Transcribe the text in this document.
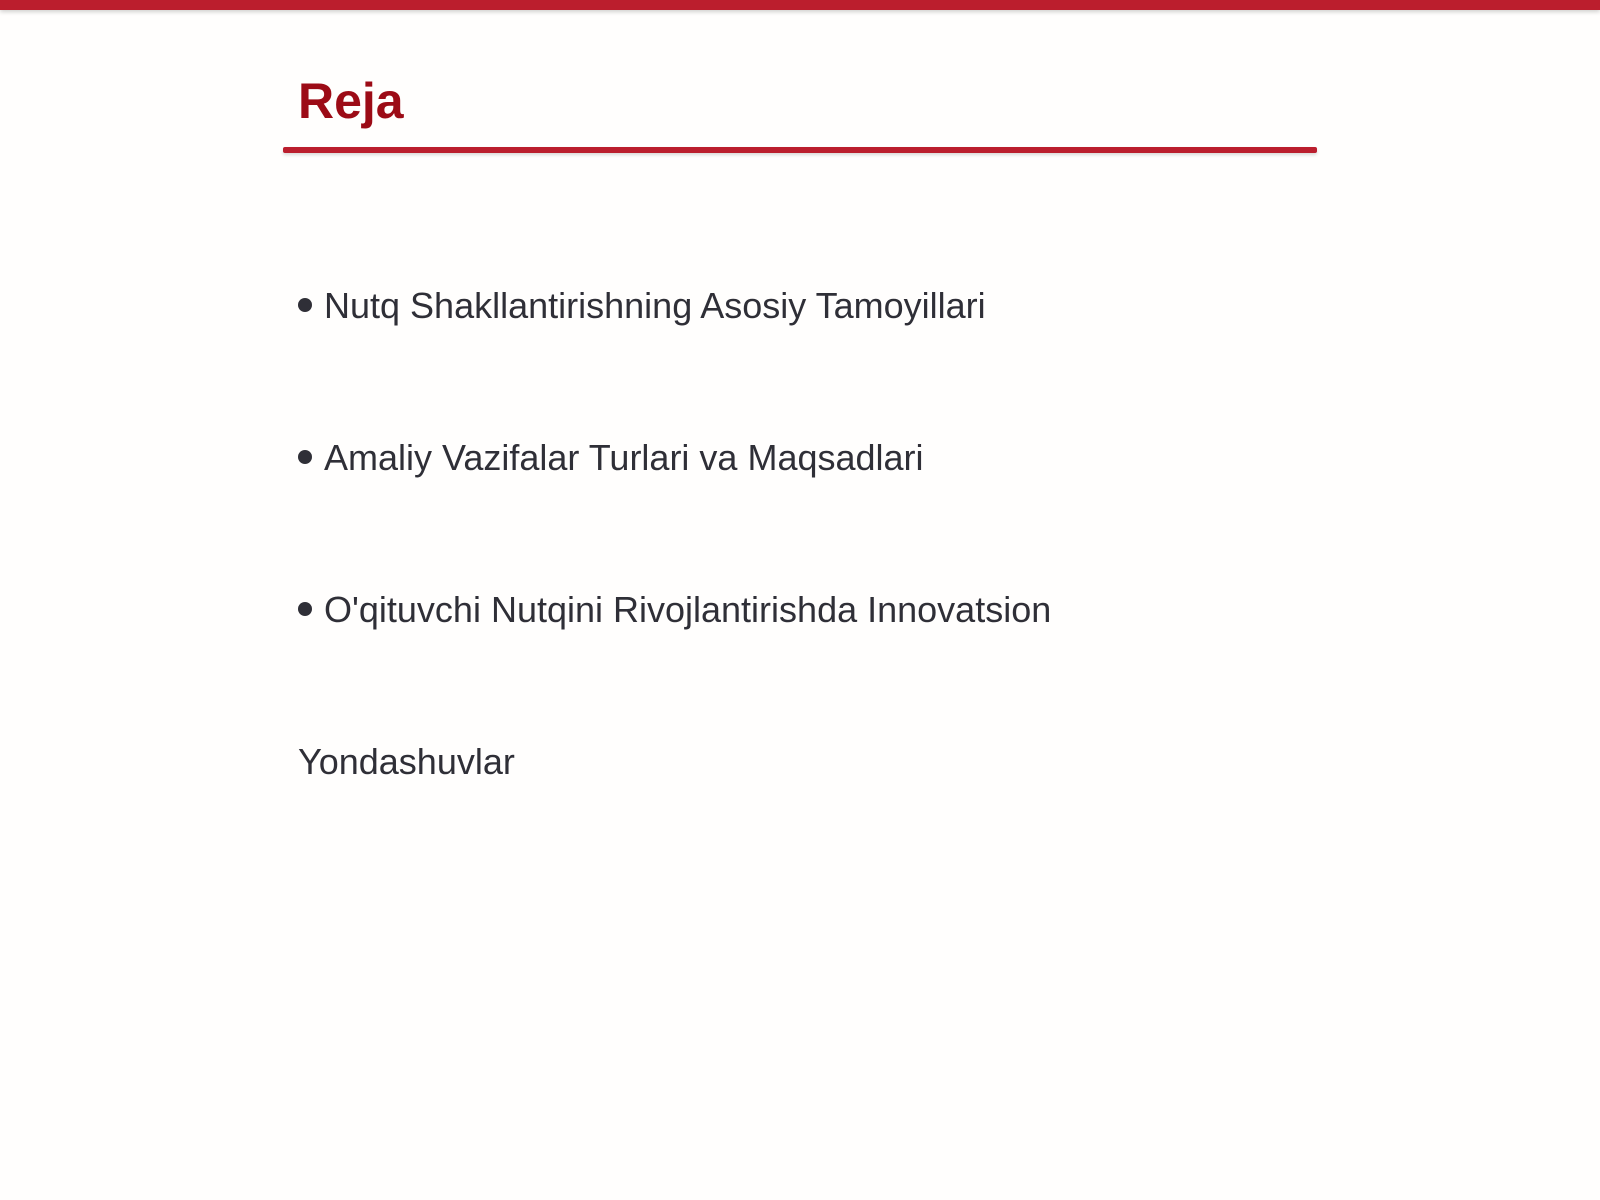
Reja
Nutq Shakllantirishning Asosiy Tamoyillari
Amaliy Vazifalar Turlari va Maqsadlari
O'qituvchi Nutqini Rivojlantirishda Innovatsion
Yondashuvlar
